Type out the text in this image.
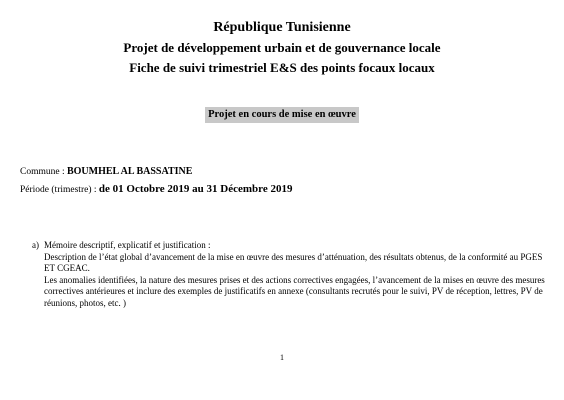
République Tunisienne
Projet de développement urbain et de gouvernance locale
Fiche de suivi trimestriel E&S des points focaux locaux
Projet en cours de mise en œuvre
Commune : BOUMHEL AL BASSATINE
Période (trimestre) : de 01 Octobre 2019 au 31 Décembre 2019
a) Mémoire descriptif, explicatif et justification :

Description de l’état global d’avancement de la mise en œuvre des mesures d’atténuation, des résultats obtenus, de la conformité au PGES ET CGEAC.

Les anomalies identifiées, la nature des mesures prises et des actions correctives engagées, l’avancement de la mises en œuvre des mesures correctives antérieures et inclure des exemples de justificatifs en annexe (consultants recrutés pour le suivi, PV de réception, lettres, PV de réunions, photos, etc. )

1
